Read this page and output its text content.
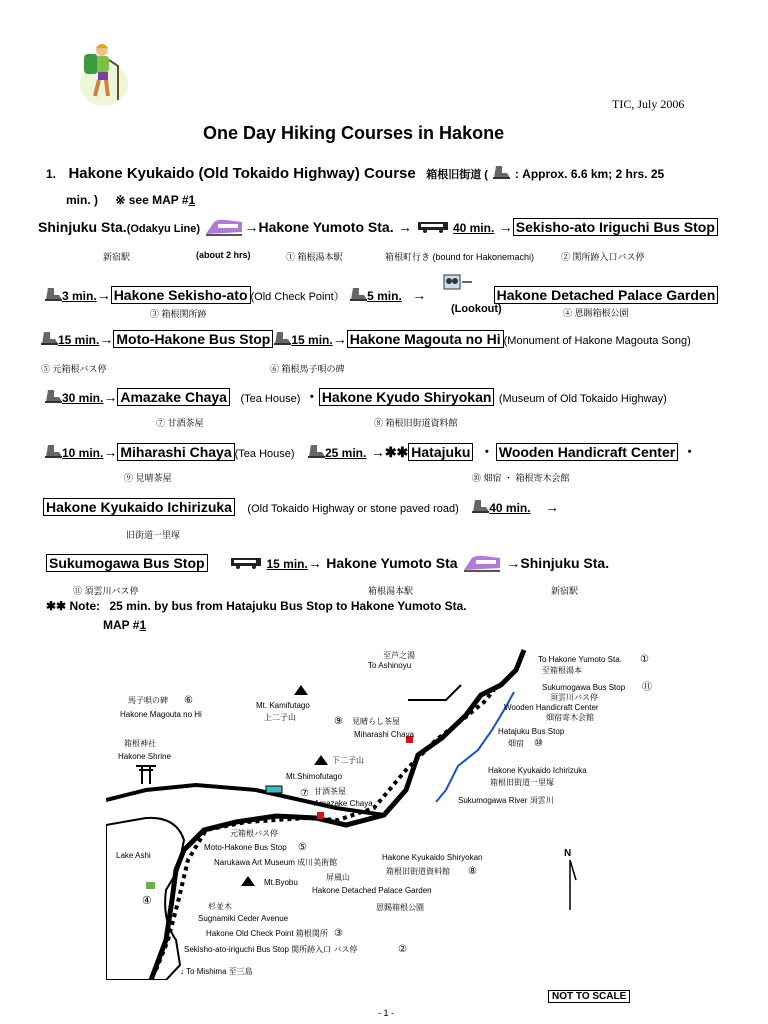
TIC, July 2006
One Day Hiking Courses in Hakone
1. Hakone Kyukaido (Old Tokaido Highway) Course 箱根旧街道 ( : Approx. 6.6 km; 2 hrs. 25
min. ) ※ see MAP #1
Shinjuku Sta.(Odakyu Line)	→Hakone Yumoto Sta. →	40 min. → Sekisho-ato Iriguchi Bus Stop
新宿駅	(about 2 hrs)	① 箱根湯本駅	箱根町行き (bound for Hakonemachi)	② 関所跡入口バス停
3 min.→ Hakone Sekisho-ato (Old Check Point） 5 min. →	Hakone Detached Palace Garden
③ 箱根関所跡	(Lookout)	④ 恩賜箱根公園
15 min.→ Moto-Hakone Bus Stop 15 min.→ Hakone Magouta no Hi (Monument of Hakone Magouta Song)
⑤ 元箱根バス停	⑥ 箱根馬子唄の碑
30 min.→ Amazake Chaya (Tea House) ・ Hakone Kyudo Shiryokan (Museum of Old Tokaido Highway)
⑦ 甘酒茶屋	⑧ 箱根旧街道資料館
10 min.→ Miharashi Chaya (Tea House)	25 min. →✱✱ Hatajuku ・ Wooden Handicraft Center ・
⑨ 見晴茶屋	⑩ 畑宿 ・ 箱根寄木会館
Hakone Kyukaido Ichirizuka (Old Tokaido Highway or stone paved road)	40 min. →
旧街道一里塚
Sukumogawa Bus Stop	15 min.→ Hakone Yumoto Sta	→Shinjuku Sta.
⑪ 須雲川バス停	箱根湯本駅	新宿駅
✱✱ Note: 25 min. by bus from Hatajuku Bus Stop to Hakone Yumoto Sta.
MAP #1
To Hakone Yumoto Sta. ①
至箱根湯本
至芦之湯
To Ashinoyu
Sukumogawa Bus Stop ⑪
須雲川バス停
Wooden Handicraft Center
畑宿寄木会館
Hatajuku Bus Stop
畑宿 ⑩
馬子唄の碑 ⑥
Hakone Magouta no Hi
Mt. Kamifutago
上二子山	⑨ 見晴らし茶屋
Miharashi Chaya
箱根神社
Hakone Shrine	下二子山
Mt.Shimofutago
⑦ 甘酒茶屋
Amazake Chaya
Hakone Kyukaido Ichirizuka
箱根旧街道一里塚
Sukumogawa River 須雲川
元箱根バス停
Moto-Hakone Bus Stop ⑤
Lake Ashi
Narukawa Art Museum 成川美術館
Hakone Kyukaido Shiryokan
箱根旧街道資料館 ⑧
N
屏風山
Mt.Byobu
Hakone Detached Palace Garden
恩賜箱根公園
④	杉並木
Sugnamiki Ceder Avenue
Hakone Old Check Point 箱根関所 ③
Sekisho-ato-iriguchi Bus Stop 関所跡入口 バス停	②
↓ To Mishima 至三島
NOT TO SCALE
- 1 -
